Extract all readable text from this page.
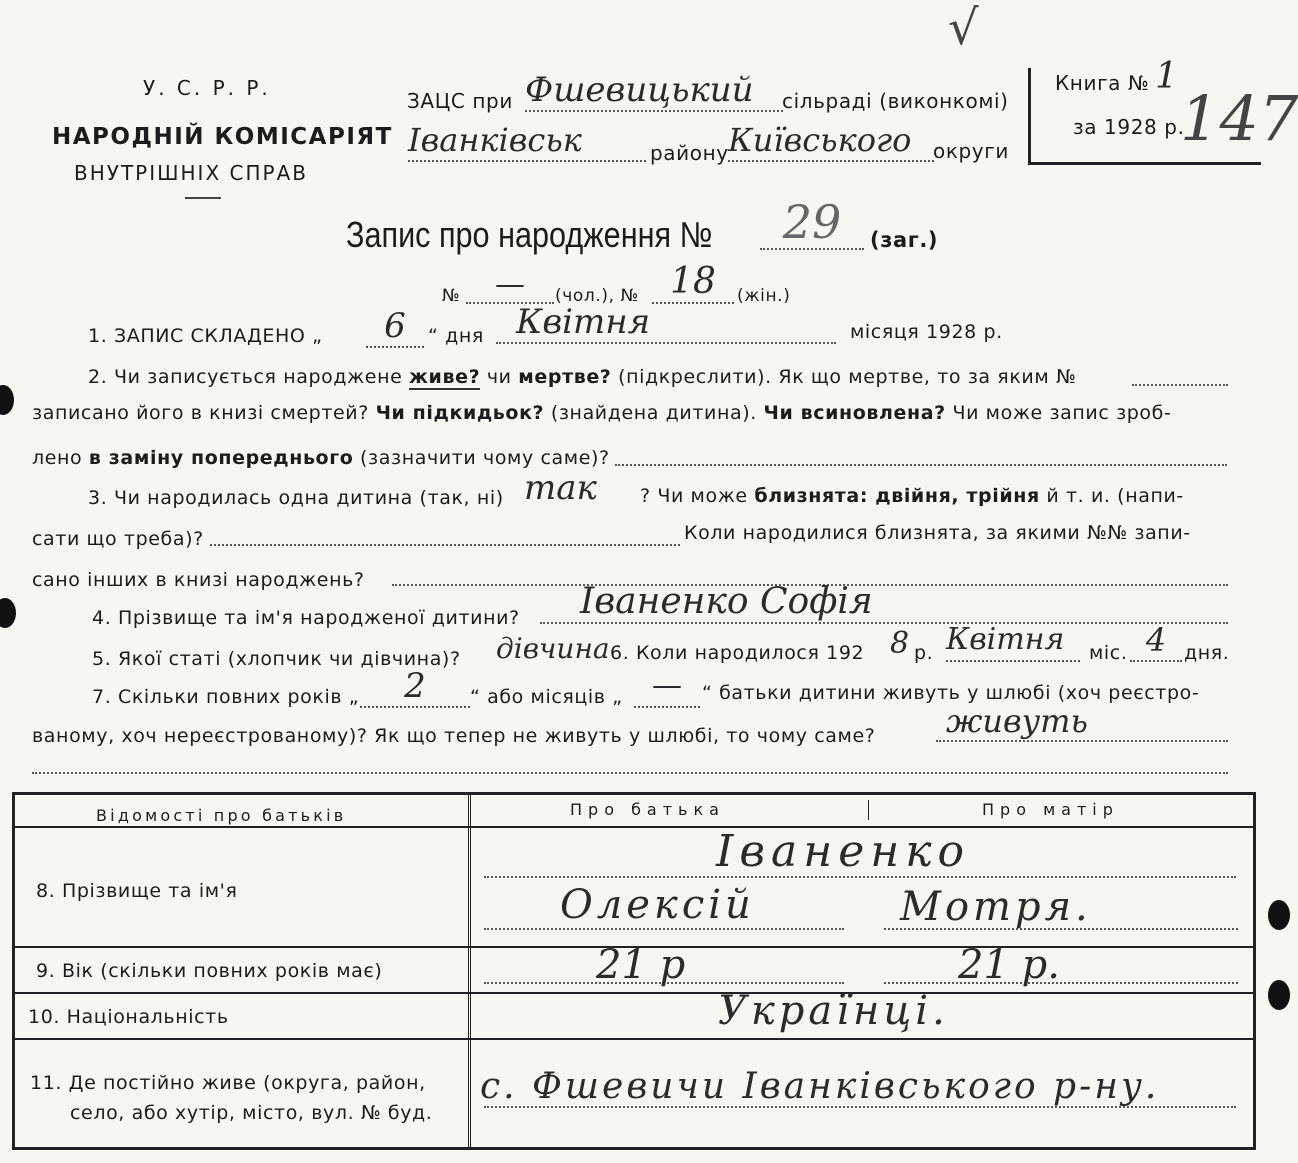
У. С. Р. Р.
НАРОДНІЙ КОМІСАРІЯТ
ВНУТРІШНІХ СПРАВ
ЗАЦС при Фшевицький	сільраді (виконкомі)
Іванківськ	району Київського	округи
Книга № 1
за 1928 р.
147
√
Запис про народження №	29	(заг.)
№	—	(чол.), № 18	(жін.)
1. ЗАПИС СКЛАДЕНО „	6	“ дня Квітня	місяця 1928 р.
2. Чи записується народжене живе? чи мертве? (підкреслити). Як що мертве, то за яким №
записано його в книзі смертей? Чи підкидьок? (знайдена дитина). Чи всиновлена? Чи може запис зроб-
лено в заміну попереднього (зазначити чому саме)?
3. Чи народилась одна дитина (так, ні) так ? Чи може близнята: двійня, трійня й т. и. (напи-
сати що треба)?	Коли народилися близнята, за якими №№ запи-
сано інших в книзі народжень?
4. Прізвище та ім'я народженої дитини?	Іваненко Софія
5. Якої статі (хлопчик чи дівчина)? дівчина 6. Коли народилося 192 8 р. Квітня	міс. 4 дня.
7. Скільки повних років „	2	“ або місяців „ —	“ батьки дитини живуть у шлюбі (хоч реєстро-
ваному, хоч нереєстрованому)? Як що тепер не живуть у шлюбі, то чому саме?	живуть
Відомості про батьків	Про батька	Про матір
8. Прізвище та ім'я
Іваненко
Олексій	Мотря.
9. Вік (скільки повних років має)	21 р	21 р.
10. Національність	Українці.
11. Де постійно живе (округа, район,
село, або хутір, місто, вул. № буд.
с. Фшевичи Іванківського р-ну.
